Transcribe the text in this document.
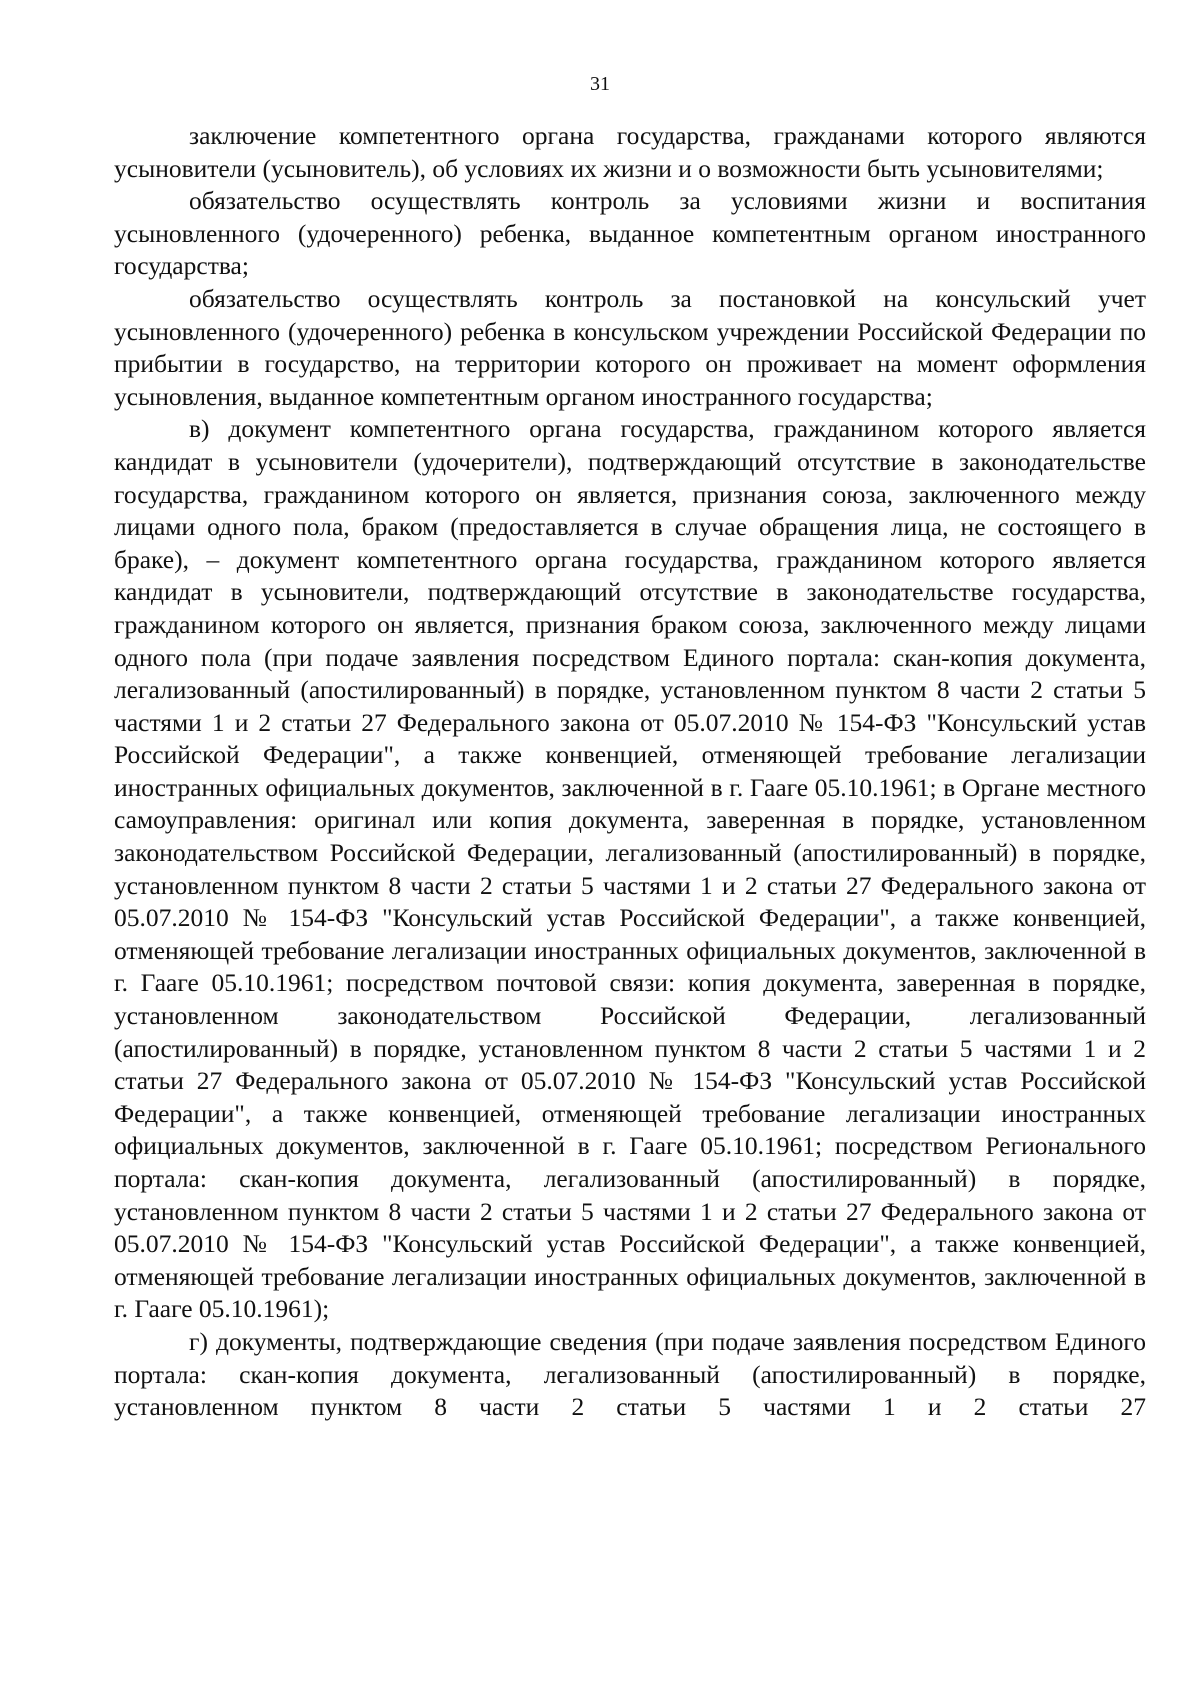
31

заключение компетентного органа государства, гражданами которого являются усыновители (усыновитель), об условиях их жизни и о возможности быть усыновителями;

обязательство осуществлять контроль за условиями жизни и воспитания усыновленного (удочеренного) ребенка, выданное компетентным органом иностранного государства;

обязательство осуществлять контроль за постановкой на консульский учет усыновленного (удочеренного) ребенка в консульском учреждении Российской Федерации по прибытии в государство, на территории которого он проживает на момент оформления усыновления, выданное компетентным органом иностранного государства;

в) документ компетентного органа государства, гражданином которого является кандидат в усыновители (удочерители), подтверждающий отсутствие в законодательстве государства, гражданином которого он является, признания союза, заключенного между лицами одного пола, браком (предоставляется в случае обращения лица, не состоящего в браке), – документ компетентного органа государства, гражданином которого является кандидат в усыновители, подтверждающий отсутствие в законодательстве государства, гражданином которого он является, признания браком союза, заключенного между лицами одного пола (при подаче заявления посредством Единого портала: скан-копия документа, легализованный (апостилированный) в порядке, установленном пунктом 8 части 2 статьи 5 частями 1 и 2 статьи 27 Федерального закона от 05.07.2010 № 154-ФЗ "Консульский устав Российской Федерации", а также конвенцией, отменяющей требование легализации иностранных официальных документов, заключенной в г. Гааге 05.10.1961; в Органе местного самоуправления: оригинал или копия документа, заверенная в порядке, установленном законодательством Российской Федерации, легализованный (апостилированный) в порядке, установленном пунктом 8 части 2 статьи 5 частями 1 и 2 статьи 27 Федерального закона от 05.07.2010 № 154-ФЗ "Консульский устав Российской Федерации", а также конвенцией, отменяющей требование легализации иностранных официальных документов, заключенной в г. Гааге 05.10.1961; посредством почтовой связи: копия документа, заверенная в порядке, установленном законодательством Российской Федерации, легализованный (апостилированный) в порядке, установленном пунктом 8 части 2 статьи 5 частями 1 и 2 статьи 27 Федерального закона от 05.07.2010 № 154-ФЗ "Консульский устав Российской Федерации", а также конвенцией, отменяющей требование легализации иностранных официальных документов, заключенной в г. Гааге 05.10.1961; посредством Регионального портала: скан-копия документа, легализованный (апостилированный) в порядке, установленном пунктом 8 части 2 статьи 5 частями 1 и 2 статьи 27 Федерального закона от 05.07.2010 № 154-ФЗ "Консульский устав Российской Федерации", а также конвенцией, отменяющей требование легализации иностранных официальных документов, заключенной в г. Гааге 05.10.1961);

г) документы, подтверждающие сведения (при подаче заявления посредством Единого портала: скан-копия документа, легализованный (апостилированный) в порядке, установленном пунктом 8 части 2 статьи 5 частями 1 и 2 статьи 27
